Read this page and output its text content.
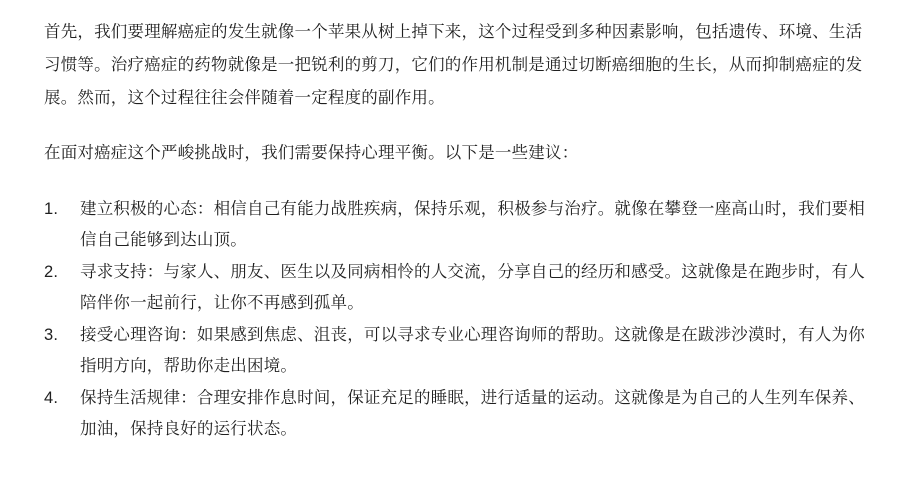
首先，我们要理解癌症的发生就像一个苹果从树上掉下来，这个过程受到多种因素影响，包括遗传、环境、生活习惯等。治疗癌症的药物就像是一把锐利的剪刀，它们的作用机制是通过切断癌细胞的生长，从而抑制癌症的发展。然而，这个过程往往会伴随着一定程度的副作用。

在面对癌症这个严峻挑战时，我们需要保持心理平衡。以下是一些建议：

1.	建立积极的心态：相信自己有能力战胜疾病，保持乐观，积极参与治疗。就像在攀登一座高山时，我们要相信自己能够到达山顶。
2.	寻求支持：与家人、朋友、医生以及同病相怜的人交流，分享自己的经历和感受。这就像是在跑步时，有人陪伴你一起前行，让你不再感到孤单。
3.	接受心理咨询：如果感到焦虑、沮丧，可以寻求专业心理咨询师的帮助。这就像是在跋涉沙漠时，有人为你指明方向，帮助你走出困境。
4.	保持生活规律：合理安排作息时间，保证充足的睡眠，进行适量的运动。这就像是为自己的人生列车保养、加油，保持良好的运行状态。
